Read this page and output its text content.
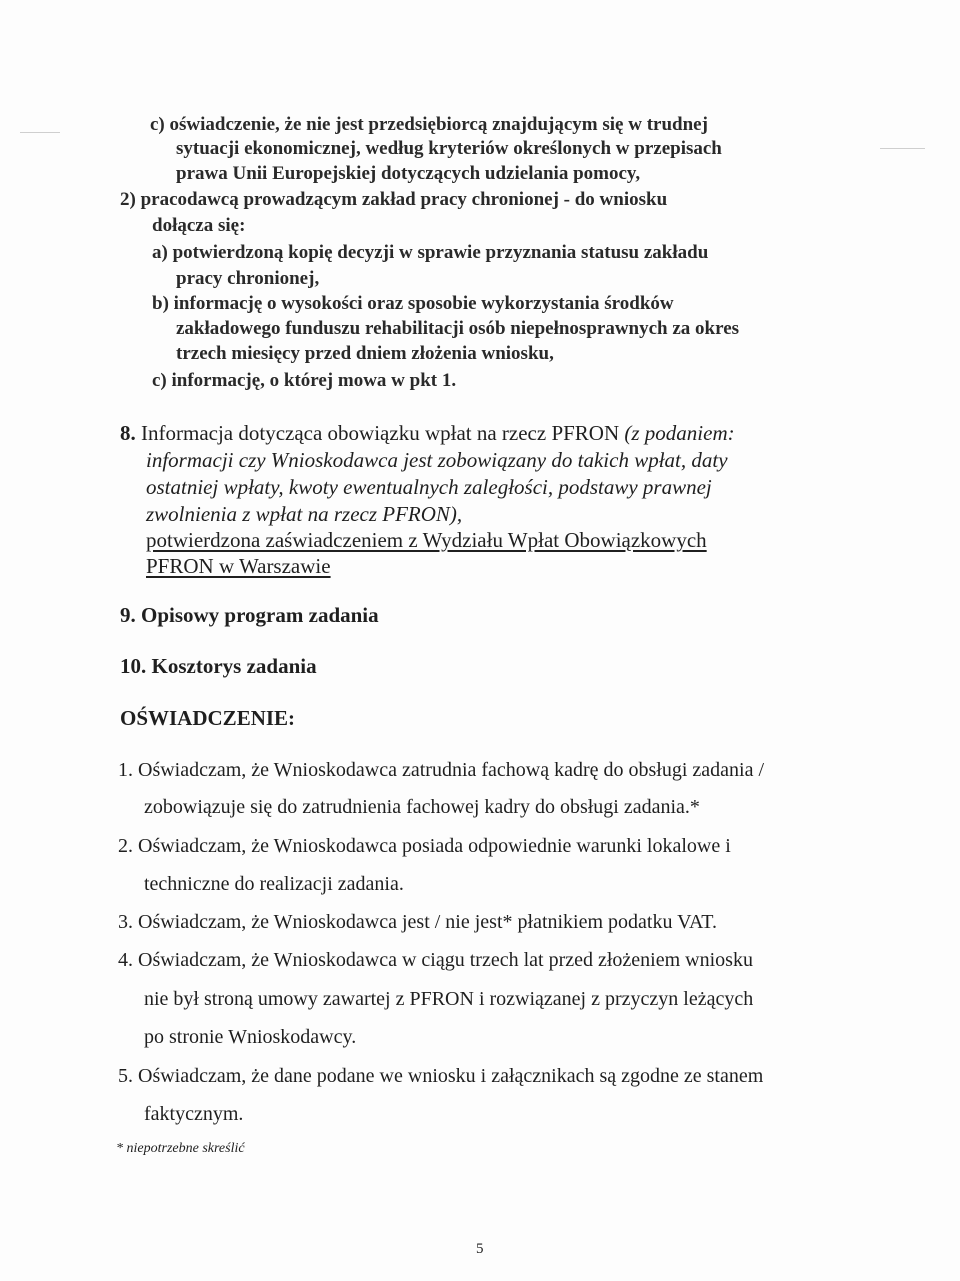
c) oświadczenie, że nie jest przedsiębiorcą znajdującym się w trudnej
sytuacji ekonomicznej, według kryteriów określonych w przepisach
prawa Unii Europejskiej dotyczących udzielania pomocy,
2) pracodawcą prowadzącym zakład pracy chronionej - do wniosku
dołącza się:
a) potwierdzoną kopię decyzji w sprawie przyznania statusu zakładu
pracy chronionej,
b) informację o wysokości oraz sposobie wykorzystania środków
zakładowego funduszu rehabilitacji osób niepełnosprawnych za okres
trzech miesięcy przed dniem złożenia wniosku,
c) informację, o której mowa w pkt 1.
8. Informacja dotycząca obowiązku wpłat na rzecz PFRON (z podaniem:
informacji czy Wnioskodawca jest zobowiązany do takich wpłat, daty
ostatniej wpłaty, kwoty ewentualnych zaległości, podstawy prawnej
zwolnienia z wpłat na rzecz PFRON),
potwierdzona zaświadczeniem z Wydziału Wpłat Obowiązkowych
PFRON w Warszawie
9. Opisowy program zadania
10. Kosztorys zadania
OŚWIADCZENIE:
1. Oświadczam, że Wnioskodawca zatrudnia fachową kadrę do obsługi zadania /
zobowiązuje się do zatrudnienia fachowej kadry do obsługi zadania.*
2. Oświadczam, że Wnioskodawca posiada odpowiednie warunki lokalowe i
techniczne do realizacji zadania.
3. Oświadczam, że Wnioskodawca jest / nie jest* płatnikiem podatku VAT.
4. Oświadczam, że Wnioskodawca w ciągu trzech lat przed złożeniem wniosku
nie był stroną umowy zawartej z PFRON i rozwiązanej z przyczyn leżących
po stronie Wnioskodawcy.
5. Oświadczam, że dane podane we wniosku i załącznikach są zgodne ze stanem
faktycznym.
* niepotrzebne skreślić
5
